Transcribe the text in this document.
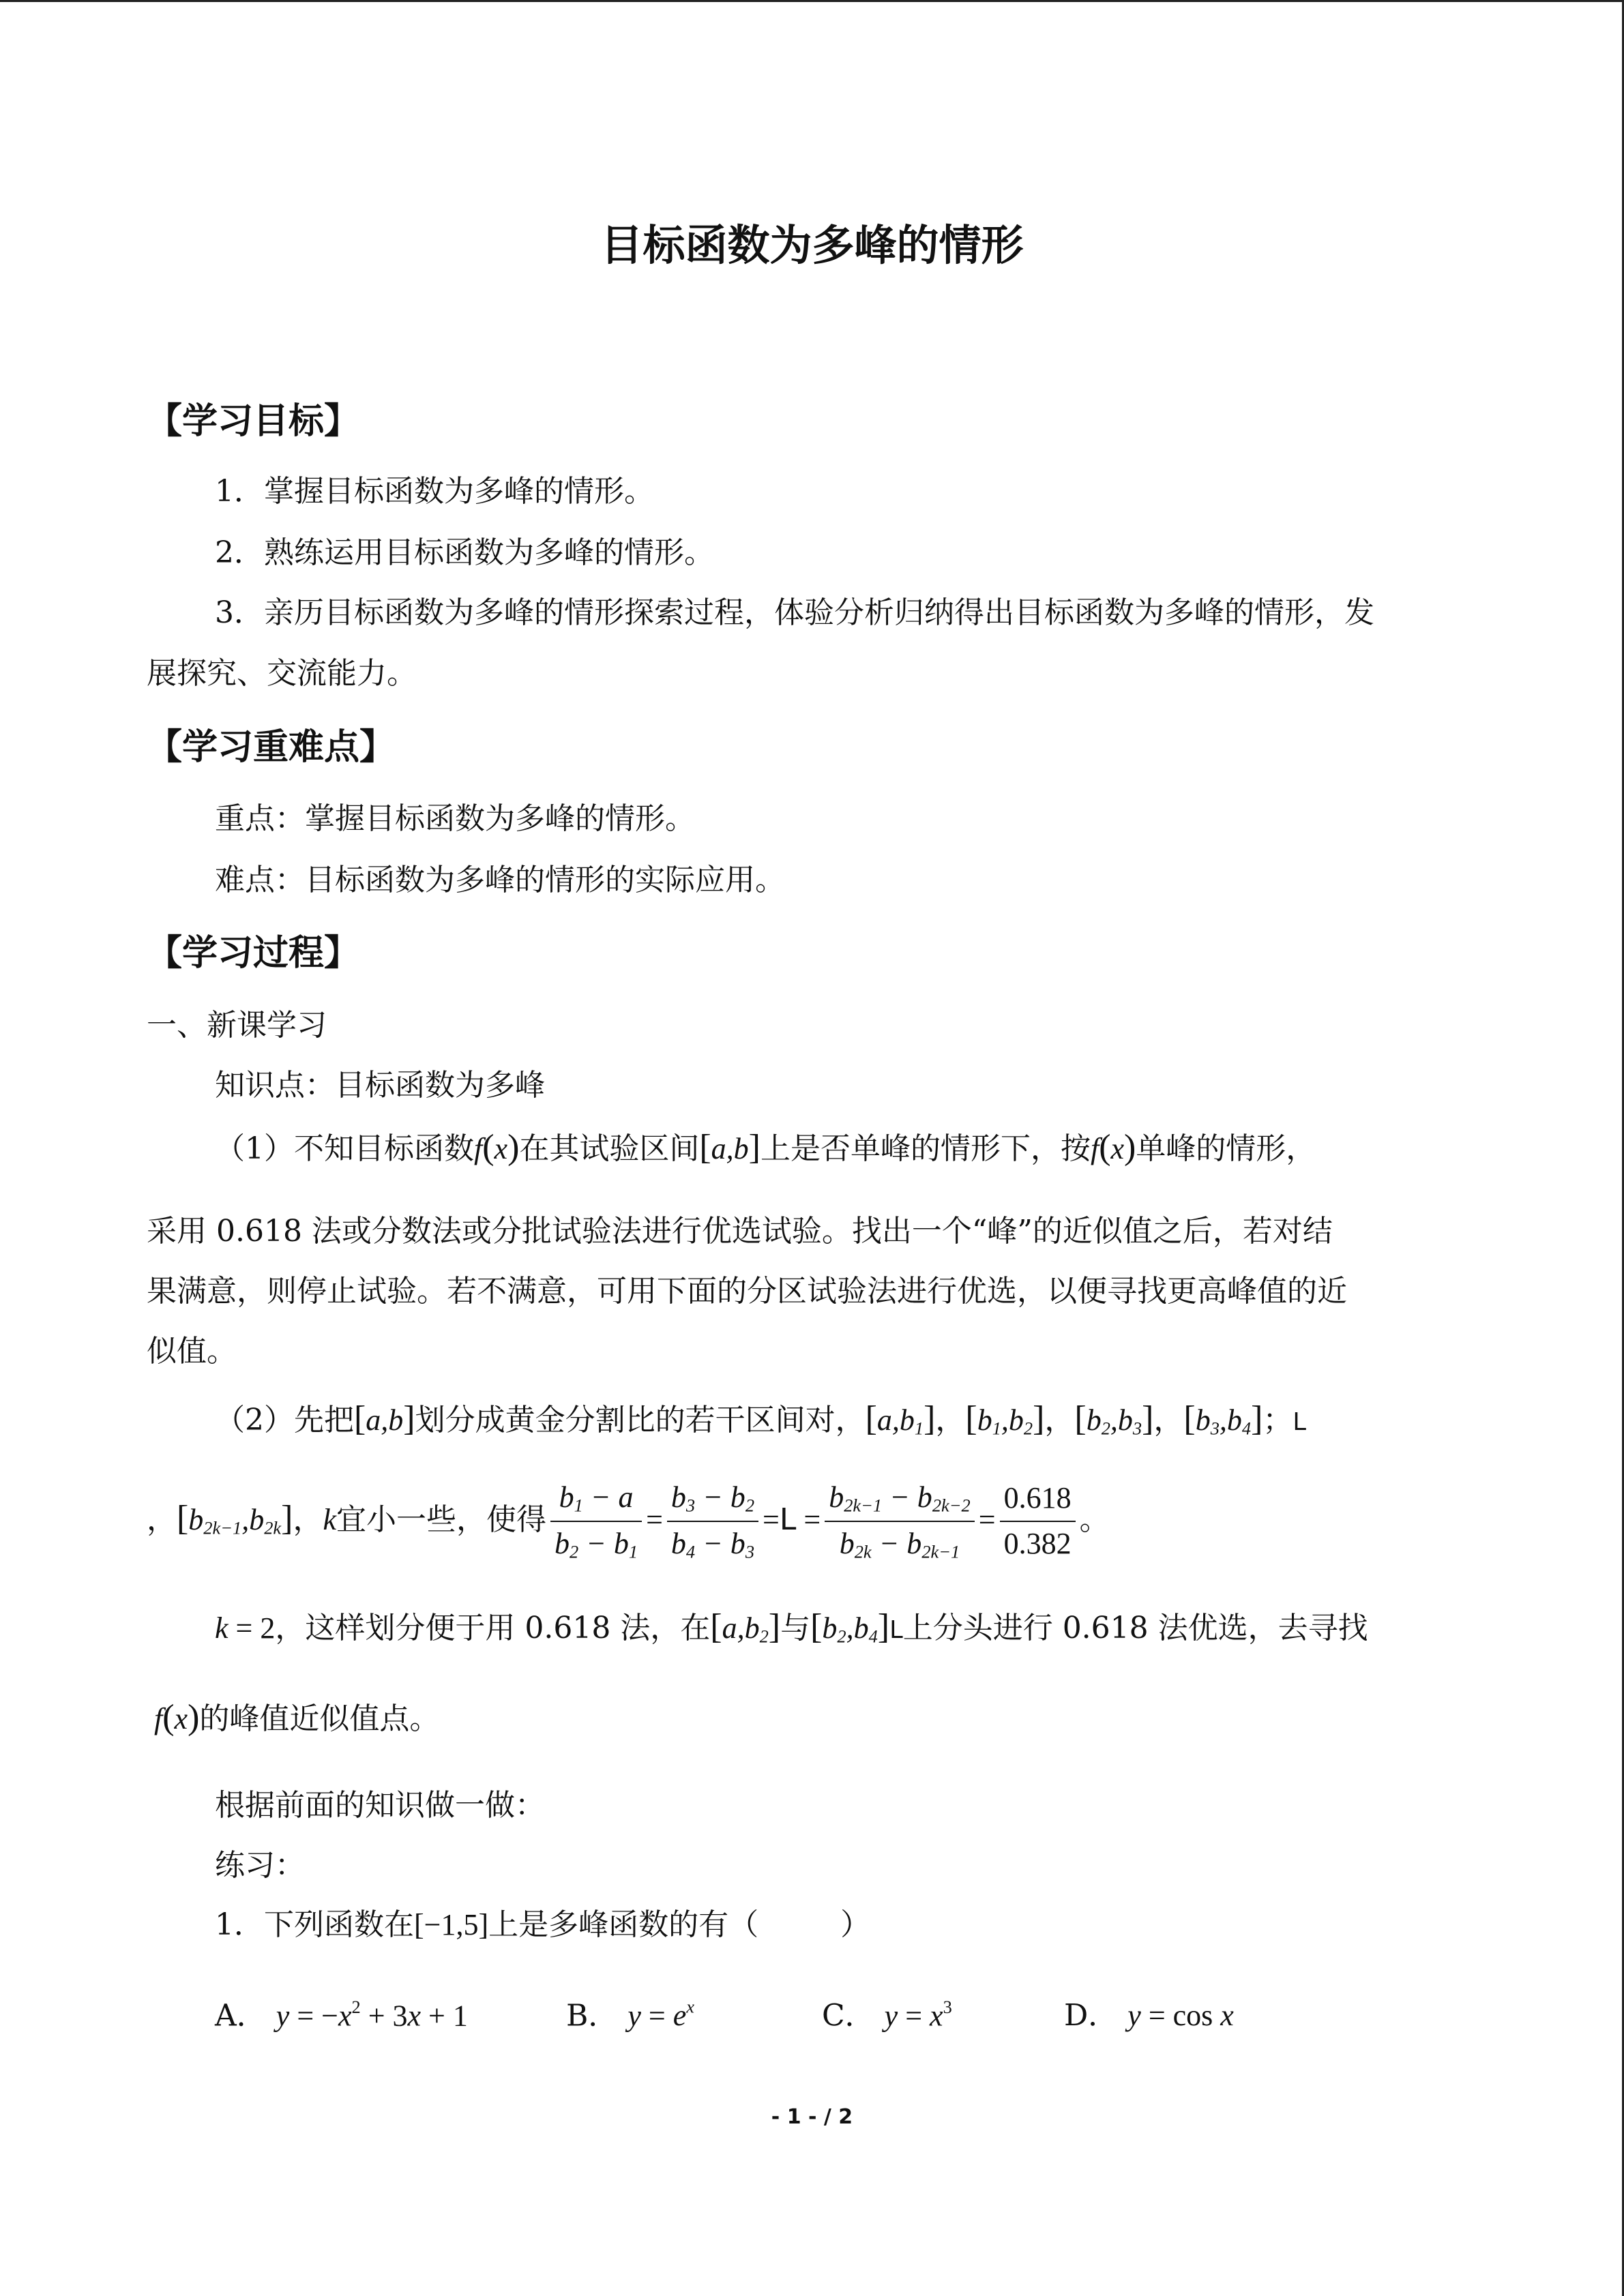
目标函数为多峰的情形
【学习目标】
1．掌握目标函数为多峰的情形。
2．熟练运用目标函数为多峰的情形。
3．亲历目标函数为多峰的情形探索过程，体验分析归纳得出目标函数为多峰的情形，发
展探究、交流能力。
【学习重难点】
重点：掌握目标函数为多峰的情形。
难点：目标函数为多峰的情形的实际应用。
【学习过程】
一、新课学习
知识点：目标函数为多峰
（1）不知目标函数f(x)在其试验区间[a,b]上是否单峰的情形下，按f(x)单峰的情形，
采用 0.618 法或分数法或分批试验法进行优选试验。找出一个“峰”的近似值之后，若对结
果满意，则停止试验。若不满意，可用下面的分区试验法进行优选，以便寻找更高峰值的近
似值。
（2）先把[a,b]划分成黄金分割比的若干区间对，$[a,b_1]$，$[b_1,b_2]$，$[b_2,b_3]$，$[b_3,b_4]$；L
，$[b_{2k-1},b_{2k}]$，k宜小一些，使得 $\frac{b_1 - a}{b_2 - b_1} = \frac{b_3 - b_2}{b_4 - b_3} =L = \frac{b_{2k-1} - b_{2k-2}}{b_{2k} - b_{2k-1}} = \frac{0.618}{0.382}$ 。
k = 2，这样划分便于用 0.618 法，在$[a,b_2]$与$[b_2,b_4]L$上分头进行 0.618 法优选，去寻找
f(x)的峰值近似值点。
根据前面的知识做一做：
练习：
1．下列函数在[−1,5]上是多峰函数的有（	）
A． $y = -x^2 + 3x + 1$	B． $y = e^x$	C． $y = x^3$	D． y = cos x
- 1 - / 2
